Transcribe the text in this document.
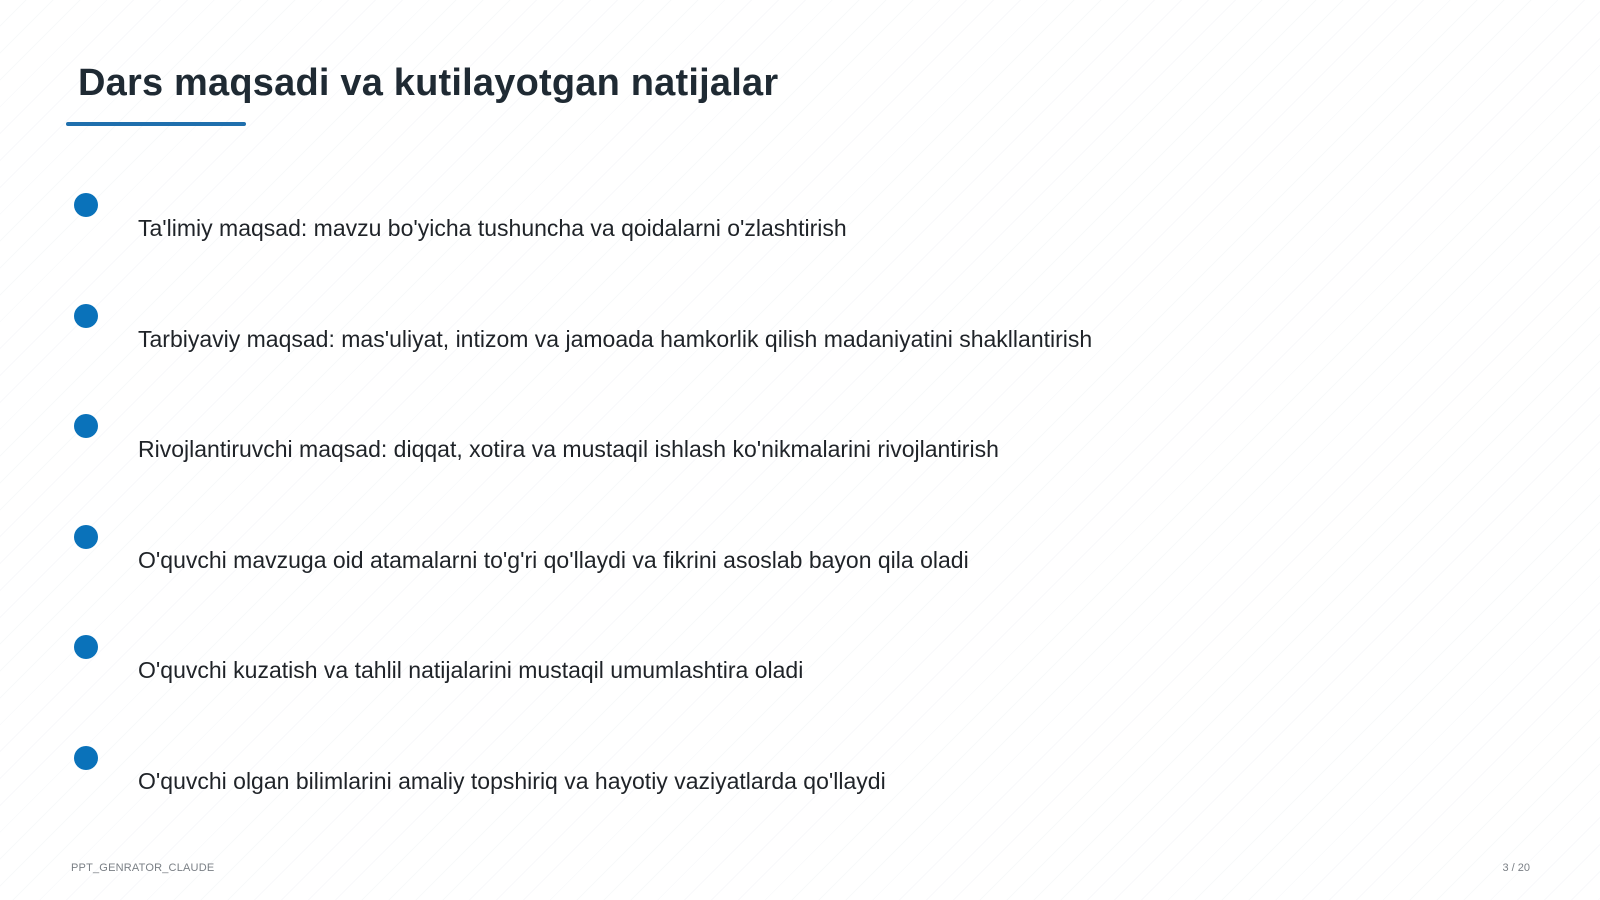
Dars maqsadi va kutilayotgan natijalar
Ta'limiy maqsad: mavzu bo'yicha tushuncha va qoidalarni o'zlashtirish
Tarbiyaviy maqsad: mas'uliyat, intizom va jamoada hamkorlik qilish madaniyatini shakllantirish
Rivojlantiruvchi maqsad: diqqat, xotira va mustaqil ishlash ko'nikmalarini rivojlantirish
O'quvchi mavzuga oid atamalarni to'g'ri qo'llaydi va fikrini asoslab bayon qila oladi
O'quvchi kuzatish va tahlil natijalarini mustaqil umumlashtira oladi
O'quvchi olgan bilimlarini amaliy topshiriq va hayotiy vaziyatlarda qo'llaydi
PPT_GENRATOR_CLAUDE	3 / 20
